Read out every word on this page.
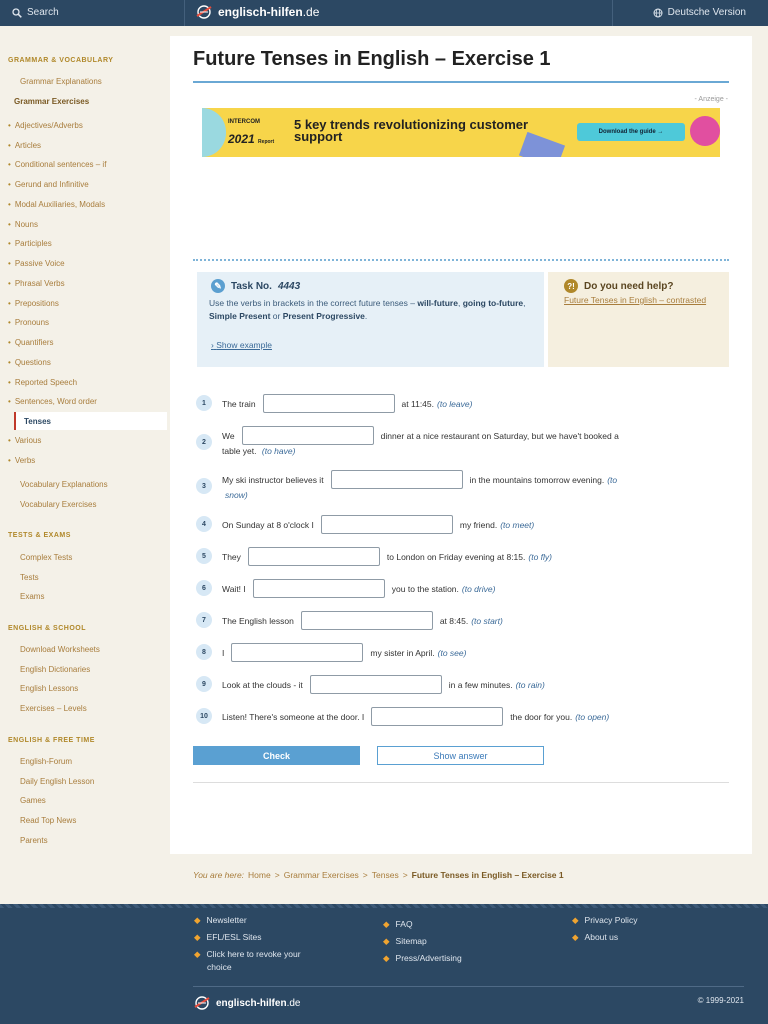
Search	englisch-hilfen.de	Deutsche Version
GRAMMAR & VOCABULARY
Grammar Explanations
Grammar Exercises
• Adjectives/Adverbs
• Articles
• Conditional sentences – if
• Gerund and Infinitive
• Modal Auxiliaries, Modals
• Nouns
• Participles
• Passive Voice
• Phrasal Verbs
• Prepositions
• Pronouns
• Quantifiers
• Questions
• Reported Speech
• Sentences, Word order
Tenses
• Various
• Verbs
Vocabulary Explanations
Vocabulary Exercises
TESTS & EXAMS
Complex Tests
Tests
Exams
ENGLISH & SCHOOL
Download Worksheets
English Dictionaries
English Lessons
Exercises – Levels
ENGLISH & FREE TIME
English-Forum
Daily English Lesson
Games
Read Top News
Parents
Future Tenses in English – Exercise 1
- Anzeige -
INTERCOM
2021 Report
5 key trends revolutionizing customer support	Download the guide →
✎ Task No. 4443
Use the verbs in brackets in the correct future tenses – will-future, going to-future, Simple Present or Present Progressive.
› Show example
?! Do you need help?
Future Tenses in English – contrasted
1	The train	at 11:45. (to leave)
2
We	dinner at a nice restaurant on Saturday, but we have't booked a
table yet. (to have)
3
My ski instructor believes it	in the mountains tomorrow evening. (to
snow)
4	On Sunday at 8 o'clock I	my friend. (to meet)
5	They	to London on Friday evening at 8:15. (to fly)
6	Wait! I	you to the station. (to drive)
7	The English lesson	at 8:45. (to start)
8	I	my sister in April. (to see)
9	Look at the clouds - it	in a few minutes. (to rain)
10	Listen! There's someone at the door. I	the door for you. (to open)
Check	Show answer
You are here: Home > Grammar Exercises > Tenses > Future Tenses in English – Exercise 1
◆ Newsletter
◆ EFL/ESL Sites
◆ Click here to revoke your
choice
◆ FAQ
◆ Sitemap
◆ Press/Advertising
◆ Privacy Policy
◆ About us
englisch-hilfen.de	© 1999-2021
